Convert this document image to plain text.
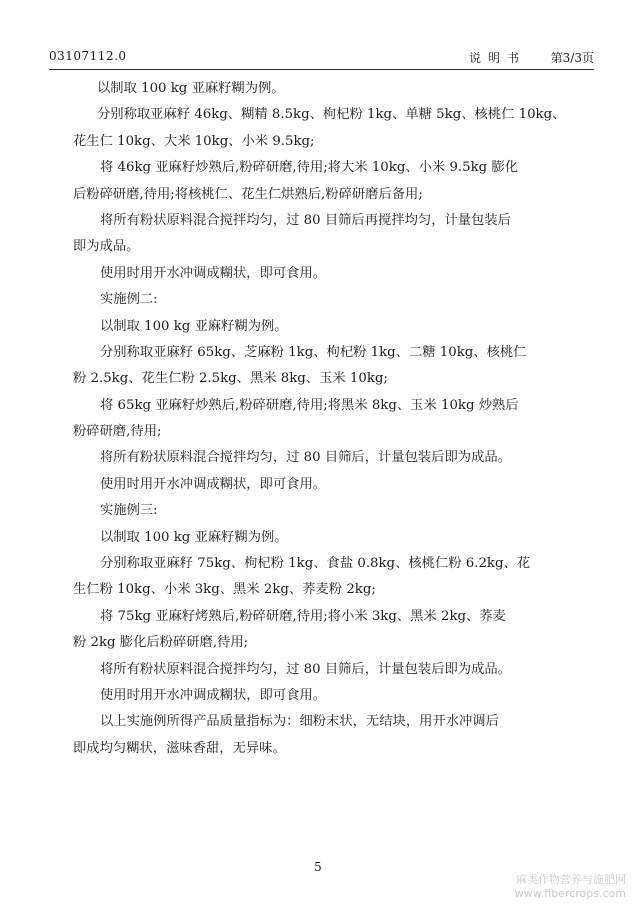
03107112.0	说明书 第3/3页
以制取 100 kg 亚麻籽糊为例。
分别称取亚麻籽 46kg、糊精 8.5kg、枸杞粉 1kg、单糖 5kg、核桃仁 10kg、
花生仁 10kg、大米 10kg、小米 9.5kg;
将 46kg 亚麻籽炒熟后,粉碎研磨,待用;将大米 10kg、小米 9.5kg 膨化
后粉碎研磨,待用;将核桃仁、花生仁烘熟后,粉碎研磨后备用;
将所有粉状原料混合搅拌均匀，过 80 目筛后再搅拌均匀，计量包装后
即为成品。
使用时用开水冲调成糊状，即可食用。
实施例二:
以制取 100 kg 亚麻籽糊为例。
分别称取亚麻籽 65kg、芝麻粉 1kg、枸杞粉 1kg、二糖 10kg、核桃仁
粉 2.5kg、花生仁粉 2.5kg、黑米 8kg、玉米 10kg;
将 65kg 亚麻籽炒熟后,粉碎研磨,待用;将黑米 8kg、玉米 10kg 炒熟后
粉碎研磨,待用;
将所有粉状原料混合搅拌均匀，过 80 目筛后，计量包装后即为成品。
使用时用开水冲调成糊状，即可食用。
实施例三:
以制取 100 kg 亚麻籽糊为例。
分别称取亚麻籽 75kg、枸杞粉 1kg、食盐 0.8kg、核桃仁粉 6.2kg、花
生仁粉 10kg、小米 3kg、黑米 2kg、荞麦粉 2kg;
将 75kg 亚麻籽烤熟后,粉碎研磨,待用;将小米 3kg、黑米 2kg、荞麦
粉 2kg 膨化后粉碎研磨,待用;
将所有粉状原料混合搅拌均匀，过 80 目筛后，计量包装后即为成品。
使用时用开水冲调成糊状，即可食用。
以上实施例所得产品质量指标为：细粉末状，无结块，用开水冲调后
即成均匀糊状，滋味香甜，无异味。
5
麻类作物营养与施肥网
www.fibercrops.com
